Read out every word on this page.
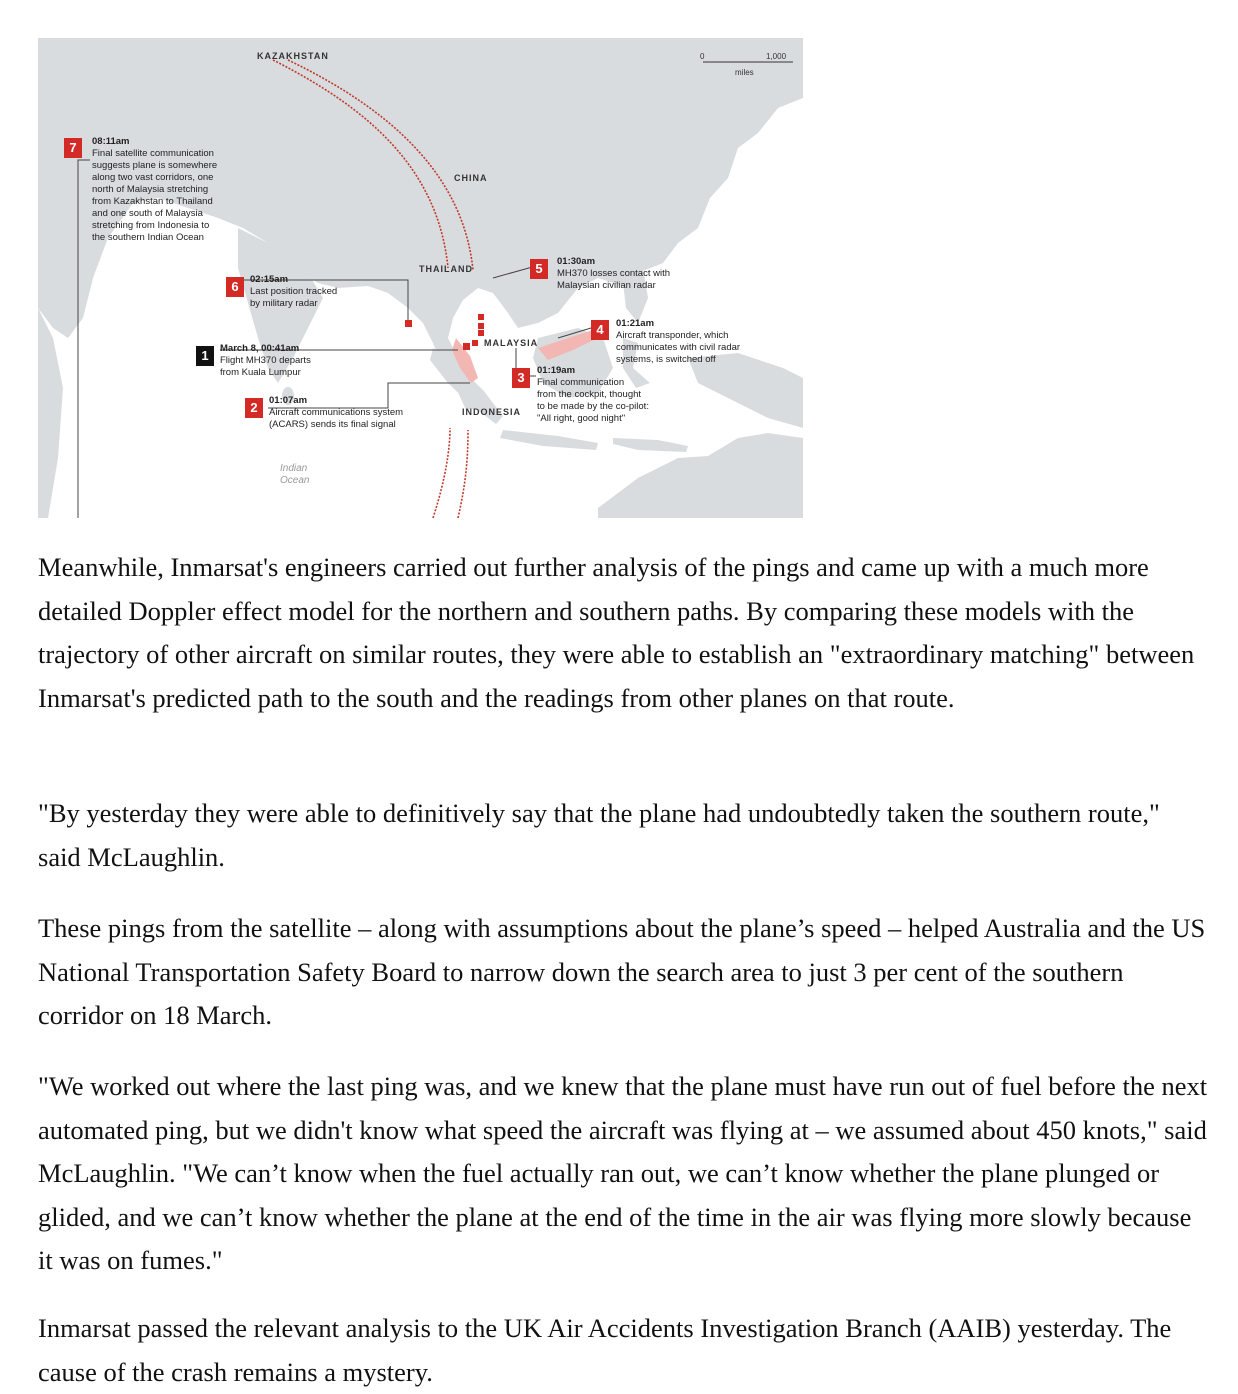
KAZAKHSTAN
CHINA
THAILAND
MALAYSIA
INDONESIA
Indian
Ocean
0	1,000
miles
7	08:11am
Final satellite communication
suggests plane is somewhere
along two vast corridors, one
north of Malaysia stretching
from Kazakhstan to Thailand
and one south of Malaysia
stretching from Indonesia to
the southern Indian Ocean
6	02:15am
Last position tracked
by military radar
1	March 8, 00:41am
Flight MH370 departs
from Kuala Lumpur
2	01:07am
Aircraft communications system
(ACARS) sends its final signal
5	01:30am
MH370 losses contact with
Malaysian civilian radar
4	01:21am
Aircraft transponder, which
communicates with civil radar
systems, is switched off
3	01:19am
Final communication
from the cockpit, thought
to be made by the co-pilot:
"All right, good night"

Meanwhile, Inmarsat's engineers carried out further analysis of the pings and came up with a much more detailed Doppler effect model for the northern and southern paths. By comparing these models with the trajectory of other aircraft on similar routes, they were able to establish an "extraordinary matching" between Inmarsat's predicted path to the south and the readings from other planes on that route.

"By yesterday they were able to definitively say that the plane had undoubtedly taken the southern route," said McLaughlin.

These pings from the satellite – along with assumptions about the plane’s speed – helped Australia and the US National Transportation Safety Board to narrow down the search area to just 3 per cent of the southern corridor on 18 March.

"We worked out where the last ping was, and we knew that the plane must have run out of fuel before the next automated ping, but we didn't know what speed the aircraft was flying at – we assumed about 450 knots," said McLaughlin. "We can’t know when the fuel actually ran out, we can’t know whether the plane plunged or glided, and we can’t know whether the plane at the end of the time in the air was flying more slowly because it was on fumes."

Inmarsat passed the relevant analysis to the UK Air Accidents Investigation Branch (AAIB) yesterday. The cause of the crash remains a mystery.
